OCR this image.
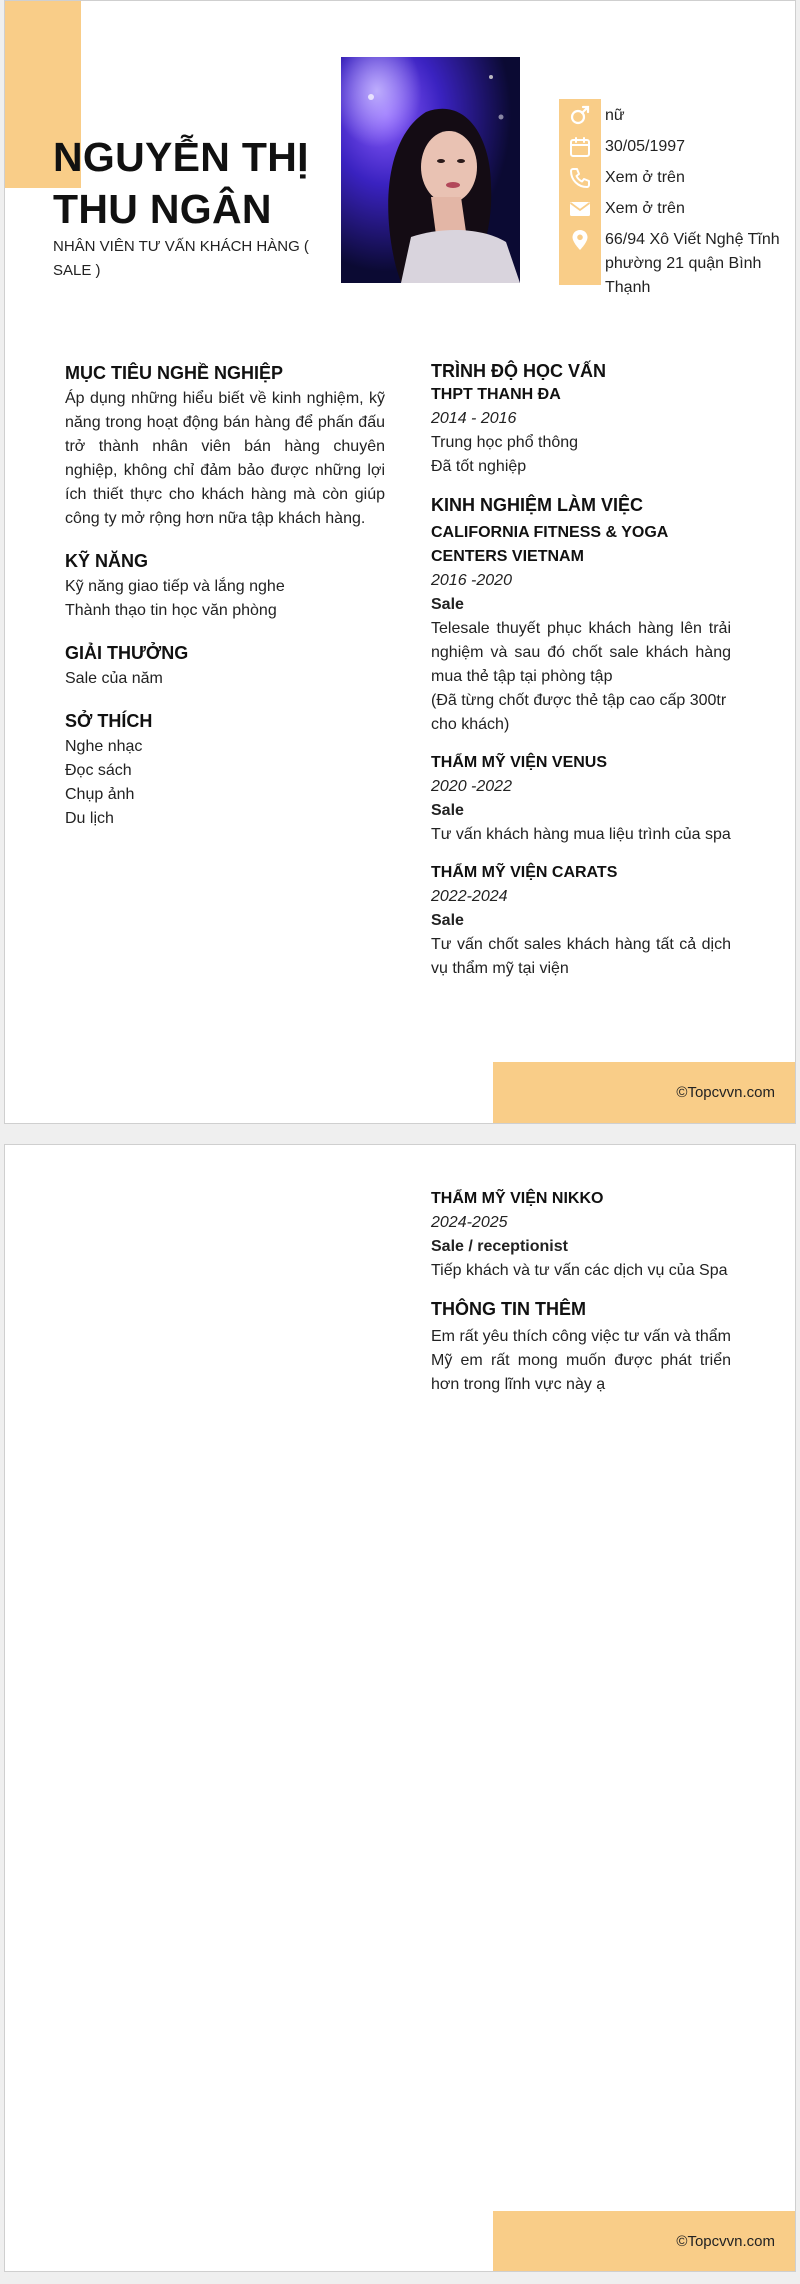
NGUYỄN THỊ THU NGÂN
NHÂN VIÊN TƯ VẤN KHÁCH HÀNG ( SALE )
nữ
30/05/1997
Xem ở trên
Xem ở trên
66/94 Xô Viết Nghệ Tĩnh phường 21 quận Bình Thạnh
MỤC TIÊU NGHỀ NGHIỆP
Áp dụng những hiểu biết về kinh nghiệm, kỹ năng trong hoạt động bán hàng để phấn đấu trở thành nhân viên bán hàng chuyên nghiệp, không chỉ đảm bảo được những lợi ích thiết thực cho khách hàng mà còn giúp công ty mở rộng hơn nữa tập khách hàng.
KỸ NĂNG
Kỹ năng giao tiếp và lắng nghe
Thành thạo tin học văn phòng
GIẢI THƯỞNG
Sale của năm
SỞ THÍCH
Nghe nhạc
Đọc sách
Chụp ảnh
Du lịch
TRÌNH ĐỘ HỌC VẤN
THPT THANH ĐA
2014 - 2016
Trung học phổ thông
Đã tốt nghiệp
KINH NGHIỆM LÀM VIỆC
CALIFORNIA FITNESS & YOGA CENTERS VIETNAM
2016 -2020
Sale
Telesale thuyết phục khách hàng lên trải nghiệm và sau đó chốt sale khách hàng mua thẻ tập tại phòng tập
(Đã từng chốt được thẻ tập cao cấp 300tr cho khách)
THẨM MỸ VIỆN VENUS
2020 -2022
Sale
Tư vấn khách hàng mua liệu trình của spa
THẨM MỸ VIỆN CARATS
2022-2024
Sale
Tư vấn chốt sales khách hàng tất cả dịch vụ thẩm mỹ tại viện
©Topcvvn.com
THẨM MỸ VIỆN NIKKO
2024-2025
Sale / receptionist
Tiếp khách và tư vấn các dịch vụ của Spa
THÔNG TIN THÊM
Em rất yêu thích công việc tư vấn và thẩm Mỹ em rất mong muốn được phát triển hơn trong lĩnh vực này ạ
©Topcvvn.com
